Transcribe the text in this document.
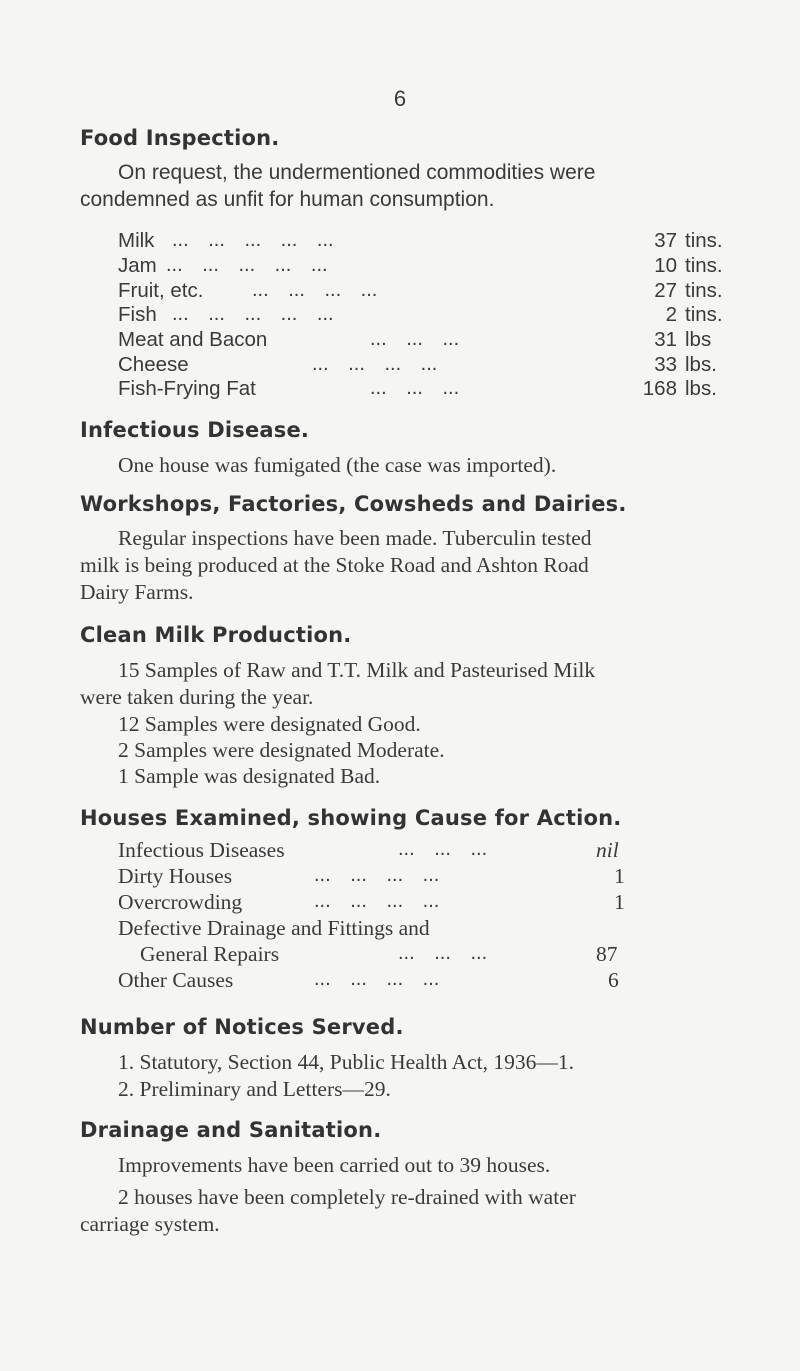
6
Food Inspection.
On request, the undermentioned commodities were
condemned as unfit for human consumption.
Milk	37 tins.
Jam	10 tins.
Fruit, etc.	27 tins.
Fish	2 tins.
Meat and Bacon	31 lbs
Cheese	33 lbs.
Fish-Frying Fat	168 lbs.
... ... ... ... ...
... ... ... ... ...
... ... ... ...
... ... ... ... ...
... ... ...
... ... ... ...
... ... ...
Infectious Disease.
One house was fumigated (the case was imported).
Workshops, Factories, Cowsheds and Dairies.
Regular inspections have been made. Tuberculin tested
milk is being produced at the Stoke Road and Ashton Road
Dairy Farms.
Clean Milk Production.
15 Samples of Raw and T.T. Milk and Pasteurised Milk
were taken during the year.
12 Samples were designated Good.
2 Samples were designated Moderate.
1 Sample was designated Bad.
Houses Examined, showing Cause for Action.
Infectious Diseases	nil
Dirty Houses	1
Overcrowding	1
Defective Drainage and Fittings and
General Repairs	87
Other Causes	6
... ... ...
... ... ... ...
... ... ... ...
... ... ...
... ... ... ...
Number of Notices Served.
1. Statutory, Section 44, Public Health Act, 1936—1.
2. Preliminary and Letters—29.
Drainage and Sanitation.
Improvements have been carried out to 39 houses.
2 houses have been completely re-drained with water
carriage system.
